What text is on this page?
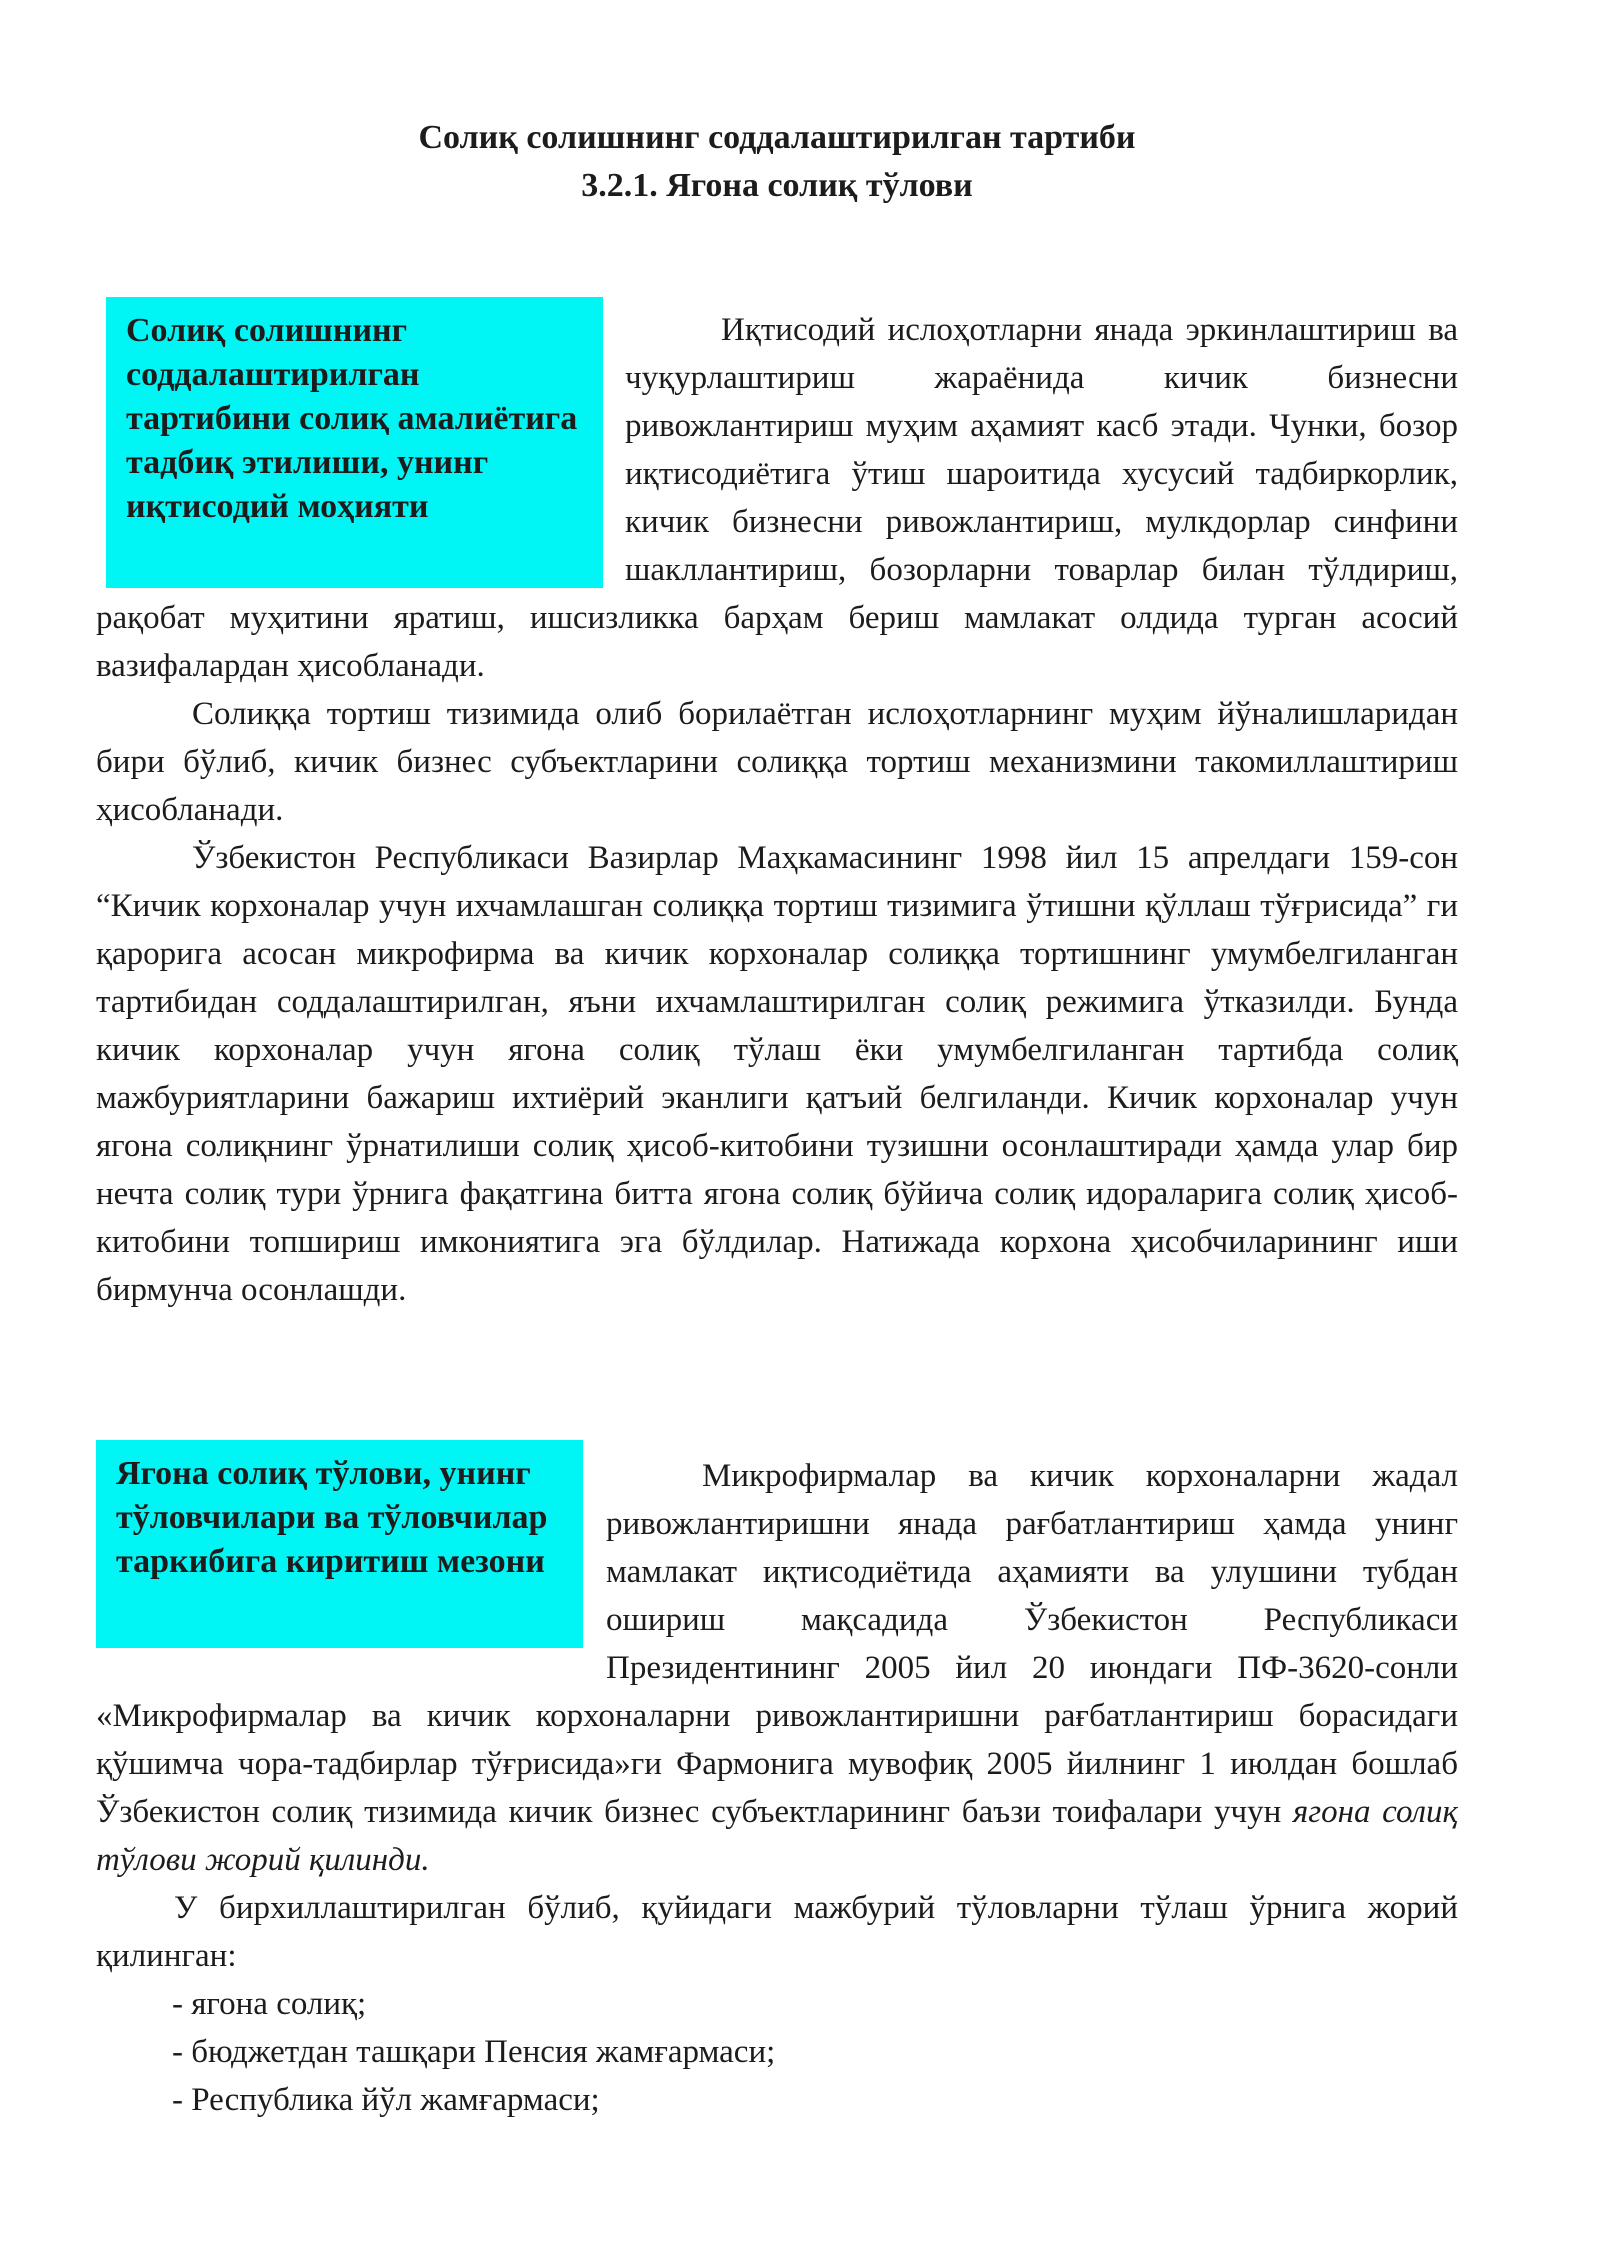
Солиқ солишнинг соддалаштирилган тартиби
3.2.1. Ягона солиқ тўлови
Солиқ солишнинг соддалаштирилган тартибини солиқ амалиётига тадбиқ этилиши, унинг иқтисодий моҳияти

Иқтисодий ислоҳотларни янада эркинлаштириш ва чуқурлаштириш жараёнида кичик бизнесни ривожлантириш муҳим аҳамият касб этади. Чунки, бозор иқтисодиётига ўтиш шароитида хусусий тадбиркорлик, кичик бизнесни ривожлантириш, мулкдорлар синфини шакллантириш, бозорларни товарлар билан тўлдириш, рақобат муҳитини яратиш, ишсизликка барҳам бериш мамлакат олдида турган асосий вазифалардан ҳисобланади.

Солиққа тортиш тизимида олиб борилаётган ислоҳотларнинг муҳим йўналишларидан бири бўлиб, кичик бизнес субъектларини солиққа тортиш механизмини такомиллаштириш ҳисобланади.

Ўзбекистон Республикаси Вазирлар Маҳкамасининг 1998 йил 15 апрелдаги 159-сон “Кичик корхоналар учун ихчамлашган солиққа тортиш тизимига ўтишни қўллаш тўғрисида” ги қарорига асосан микрофирма ва кичик корхоналар солиққа тортишнинг умумбелгиланган тартибидан соддалаштирилган, яъни ихчамлаштирилган солиқ режимига ўтказилди. Бунда кичик корхоналар учун ягона солиқ тўлаш ёки умумбелгиланган тартибда солиқ мажбуриятларини бажариш ихтиёрий эканлиги қатъий белгиланди. Кичик корхоналар учун ягона солиқнинг ўрнатилиши солиқ ҳисоб-китобини тузишни осонлаштиради ҳамда улар бир нечта солиқ тури ўрнига фақатгина битта ягона солиқ бўйича солиқ идораларига солиқ ҳисоб-китобини топшириш имкониятига эга бўлдилар. Натижада корхона ҳисобчиларининг иши бирмунча осонлашди.

Ягона солиқ тўлови, унинг тўловчилари ва тўловчилар таркибига киритиш мезони

Микрофирмалар ва кичик корхоналарни жадал ривожлантиришни янада рағбатлантириш ҳамда унинг мамлакат иқтисодиётида аҳамияти ва улушини тубдан ошириш мақсадида Ўзбекистон Республикаси Президентининг 2005 йил 20 июндаги ПФ-3620-сонли «Микрофирмалар ва кичик корхоналарни ривожлантиришни рағбатлантириш борасидаги қўшимча чора-тадбирлар тўғрисида»ги Фармонига мувофиқ 2005 йилнинг 1 июлдан бошлаб Ўзбекистон солиқ тизимида кичик бизнес субъектларининг баъзи тоифалари учун ягона солиқ тўлови жорий қилинди.

У бирхиллаштирилган бўлиб, қуйидаги мажбурий тўловларни тўлаш ўрнига жорий қилинган:

- ягона солиқ;
- бюджетдан ташқари Пенсия жамғармаси;
- Республика йўл жамғармаси;
